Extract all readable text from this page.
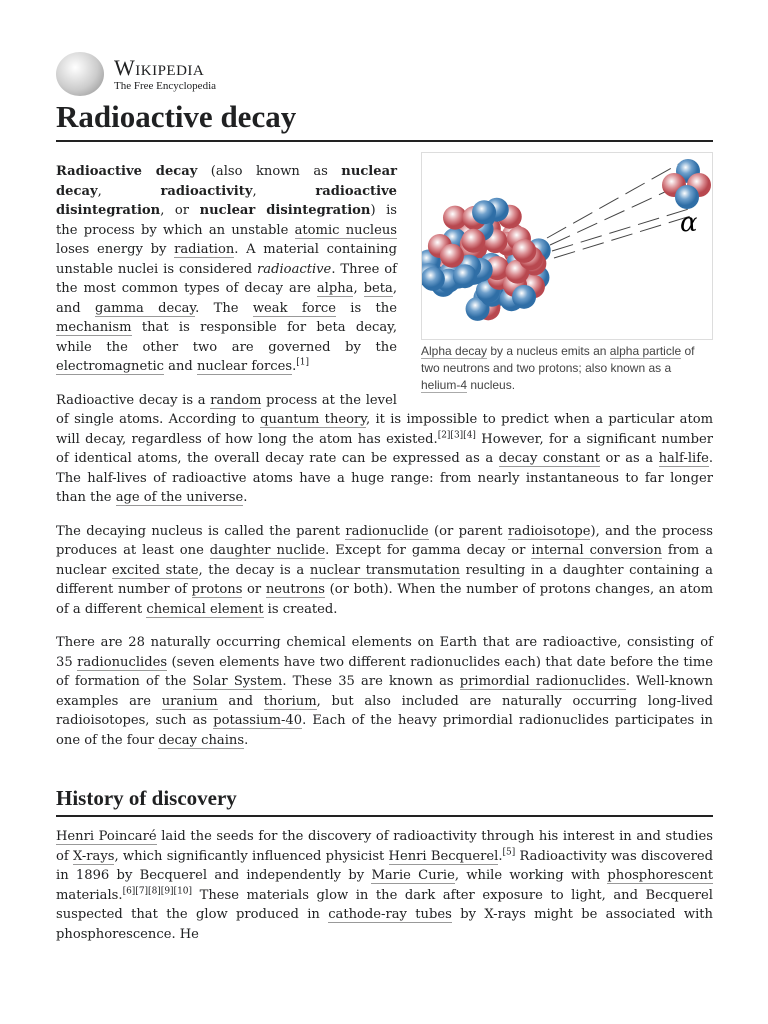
Wikipedia
The Free Encyclopedia
Radioactive decay
α
Alpha decay by a nucleus emits an alpha particle of two neutrons and two protons; also known as a helium-4 nucleus.

Radioactive decay (also known as nuclear decay, radioactivity, radioactive disintegration, or nuclear disintegration) is the process by which an unstable atomic nucleus loses energy by radiation. A material containing unstable nuclei is considered radioactive. Three of the most common types of decay are alpha, beta, and gamma decay. The weak force is the mechanism that is responsible for beta decay, while the other two are governed by the electromagnetic and nuclear forces.[1]

Radioactive decay is a random process at the level of single atoms. According to quantum theory, it is impossible to predict when a particular atom will decay, regardless of how long the atom has existed.[2][3][4] However, for a significant number of identical atoms, the overall decay rate can be expressed as a decay constant or as a half-life. The half-lives of radioactive atoms have a huge range: from nearly instantaneous to far longer than the age of the universe.

The decaying nucleus is called the parent radionuclide (or parent radioisotope), and the process produces at least one daughter nuclide. Except for gamma decay or internal conversion from a nuclear excited state, the decay is a nuclear transmutation resulting in a daughter containing a different number of protons or neutrons (or both). When the number of protons changes, an atom of a different chemical element is created.

There are 28 naturally occurring chemical elements on Earth that are radioactive, consisting of 35 radionuclides (seven elements have two different radionuclides each) that date before the time of formation of the Solar System. These 35 are known as primordial radionuclides. Well-known examples are uranium and thorium, but also included are naturally occurring long-lived radioisotopes, such as potassium-40. Each of the heavy primordial radionuclides participates in one of the four decay chains.

History of discovery

Henri Poincaré laid the seeds for the discovery of radioactivity through his interest in and studies of X-rays, which significantly influenced physicist Henri Becquerel.[5] Radioactivity was discovered in 1896 by Becquerel and independently by Marie Curie, while working with phosphorescent materials.[6][7][8][9][10] These materials glow in the dark after exposure to light, and Becquerel suspected that the glow produced in cathode-ray tubes by X-rays might be associated with phosphorescence. He
